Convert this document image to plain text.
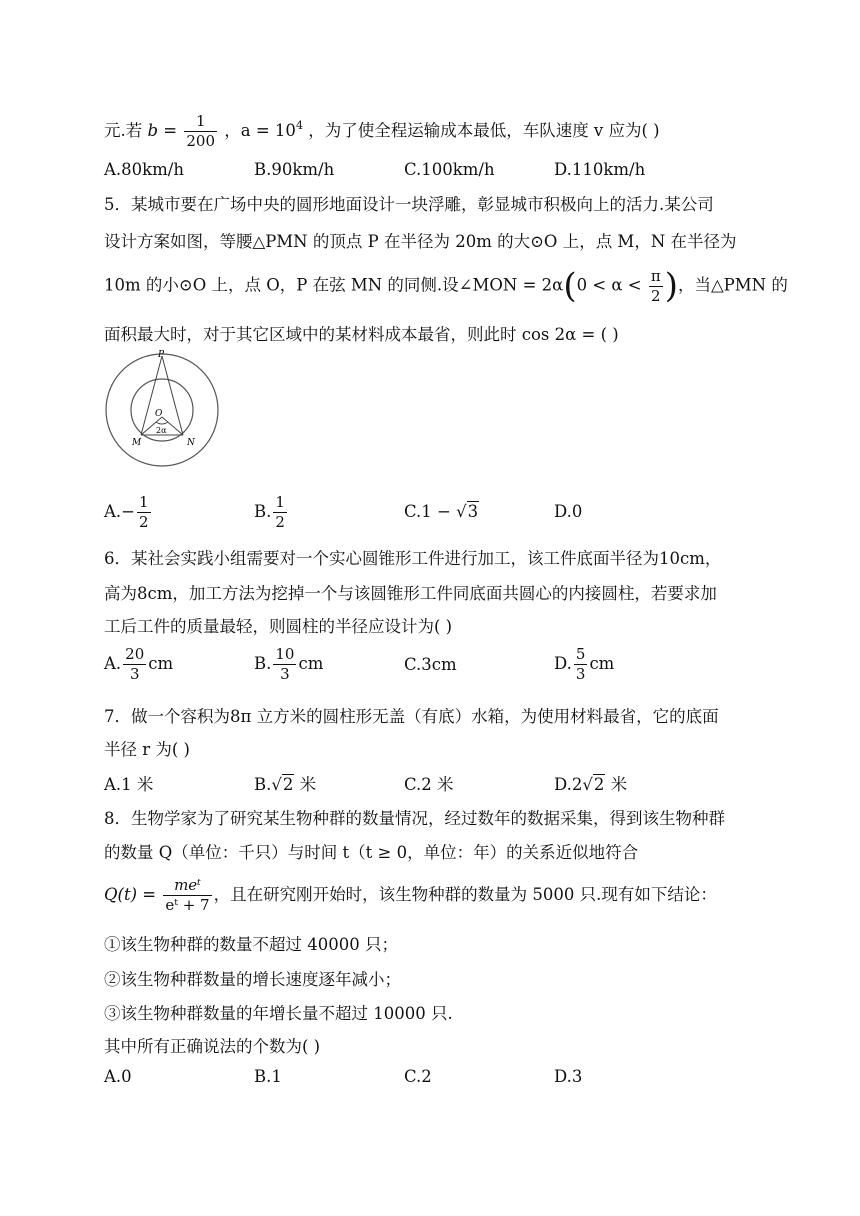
元.若 $b = \frac{1}{200}$ ，$a = 10^4$ ，为了使全程运输成本最低，车队速度 v 应为( )
A.80km/h	B.90km/h	C.100km/h	D.110km/h
5．某城市要在广场中央的圆形地面设计一块浮雕，彰显城市积极向上的活力.某公司
设计方案如图，等腰△PMN 的顶点 P 在半径为 20m 的大⊙O 上，点 M，N 在半径为
10m 的小⊙O 上，点 O，P 在弦 MN 的同侧.设∠MON = $2\alpha(0 < \alpha < \frac{\pi}{2}$ )，当△PMN 的
面积最大时，对于其它区域中的某材料成本最省，则此时 cos 2α = ( )
P
O
2α
M	N
$A.- \frac{1}{2}$	B. $\frac{1}{2}$	C.1 − √3	D.0
6．某社会实践小组需要对一个实心圆锥形工件进行加工，该工件底面半径为10cm，
高为8cm，加工方法为挖掉一个与该圆锥形工件同底面共圆心的内接圆柱，若要求加
工后工件的质量最轻，则圆柱的半径应设计为( )
A. $\frac{20}{3}$ cm	B. $\frac{10}{3}$ cm	C.3cm	D. $\frac{5}{3}$ cm
7．做一个容积为8π 立方米的圆柱形无盖（有底）水箱，为使用材料最省，它的底面
半径 r 为( )
A.1 米	B.√2 米	C.2 米	D.2√2 米
8．生物学家为了研究某生物种群的数量情况，经过数年的数据采集，得到该生物种群
的数量 Q（单位：千只）与时间 t（t ≥ 0，单位：年）的关系近似地符合
$Q(t) = \frac{\text{meᵗ}}{\text{eᵗ + 7}}$ ，且在研究刚开始时，该生物种群的数量为 5000 只.现有如下结论：
①该生物种群的数量不超过 40000 只；
②该生物种群数量的增长速度逐年减小；
③该生物种群数量的年增长量不超过 10000 只.
其中所有正确说法的个数为( )
A.0	B.1	C.2	D.3
